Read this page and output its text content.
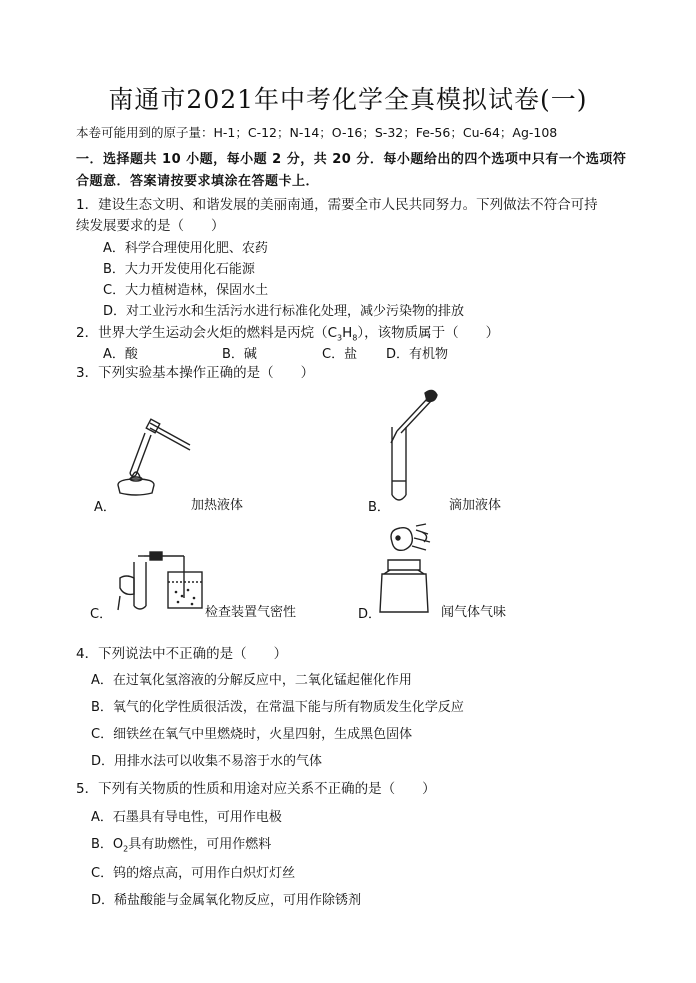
南通市2021年中考化学全真模拟试卷(一)
本卷可能用到的原子量：H-1；C-12；N-14；O-16；S-32；Fe-56；Cu-64；Ag-108
一．选择题共 10 小题，每小题 2 分，共 20 分．每小题给出的四个选项中只有一个选项符
合题意．答案请按要求填涂在答题卡上．
1．建设生态文明、和谐发展的美丽南通，需要全市人民共同努力。下列做法不符合可持
续发展要求的是（　　）
A．科学合理使用化肥、农药
B．大力开发使用化石能源
C．大力植树造林，保固水土
D．对工业污水和生活污水进行标准化处理，减少污染物的排放
2．世界大学生运动会火炬的燃料是丙烷$(C_3H_8)$，该物质属于（　　）
A．酸	B．碱	C．盐 D．有机物
3．下列实验基本操作正确的是（　　）
A．	加热液体	B．	滴加液体
C．	检查装置气密性	D．	闻气体气味
4．下列说法中不正确的是（　　）
A．在过氧化氢溶液的分解反应中，二氧化锰起催化作用
B．氧气的化学性质很活泼，在常温下能与所有物质发生化学反应
C．细铁丝在氧气中里燃烧时，火星四射，生成黑色固体
D．用排水法可以收集不易溶于水的气体
5．下列有关物质的性质和用途对应关系不正确的是（　　）
A．石墨具有导电性，可用作电极
B．$O_2$具有助燃性，可用作燃料
C．钨的熔点高，可用作白炽灯灯丝
D．稀盐酸能与金属氧化物反应，可用作除锈剂
